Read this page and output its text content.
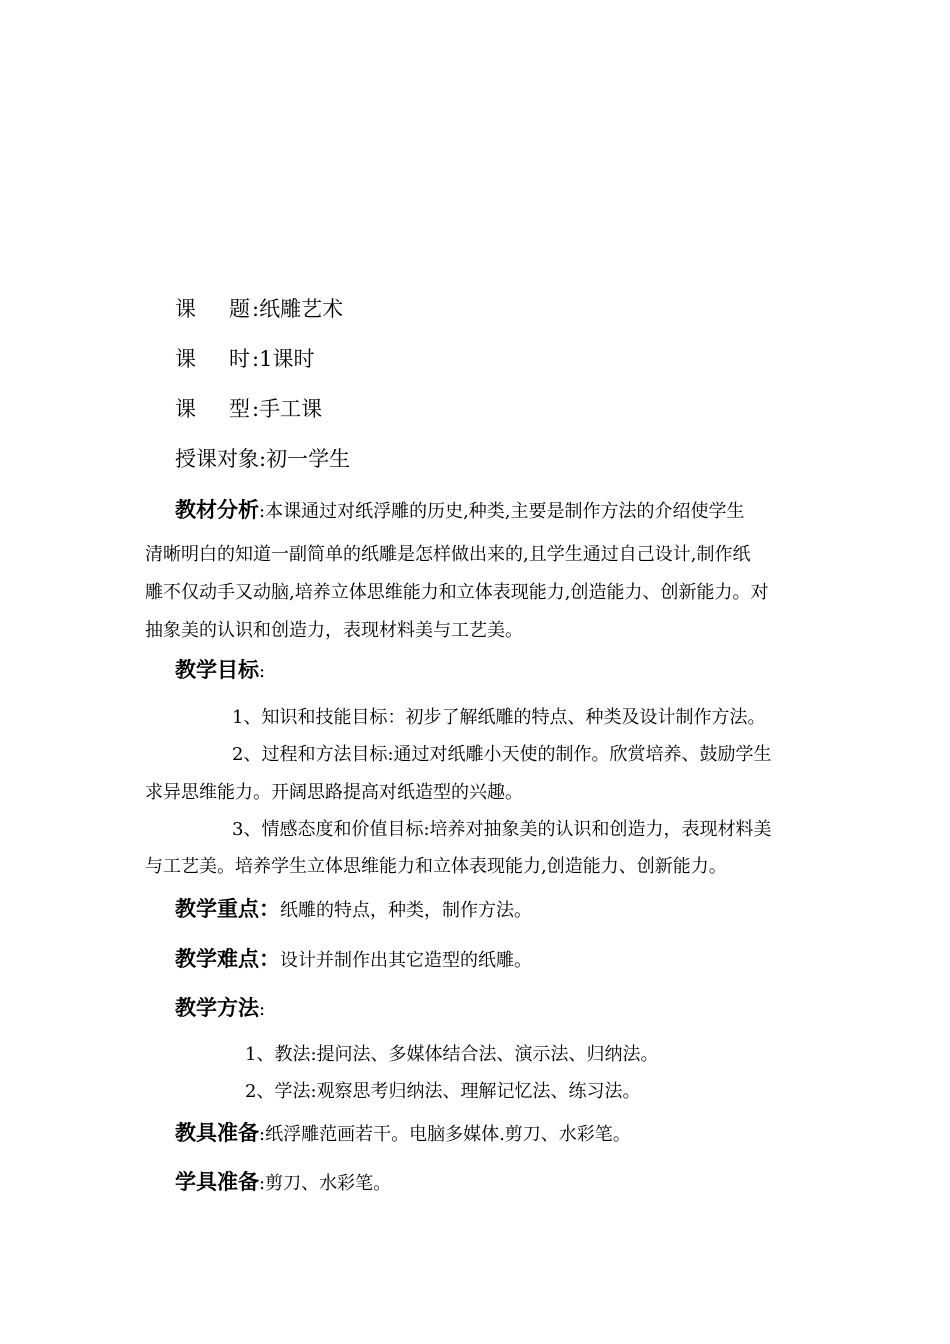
课 题 :纸雕艺术
课 时 :1课时
课 型 :手工课
授课对象:初一学生
教材分析:本课通过对纸浮雕的历史,种类,主要是制作方法的介绍使学生
清晰明白的知道一副简单的纸雕是怎样做出来的,且学生通过自己设计,制作纸
雕不仅动手又动脑,培养立体思维能力和立体表现能力,创造能力、创新能力。对
抽象美的认识和创造力，表现材料美与工艺美。
教学目标:
1、知识和技能目标：初步了解纸雕的特点、种类及设计制作方法。
2、过程和方法目标:通过对纸雕小天使的制作。欣赏培养、鼓励学生
求异思维能力。开阔思路提高对纸造型的兴趣。
3、情感态度和价值目标:培养对抽象美的认识和创造力，表现材料美
与工艺美。培养学生立体思维能力和立体表现能力,创造能力、创新能力。
教学重点：纸雕的特点，种类，制作方法。
教学难点：设计并制作出其它造型的纸雕。
教学方法:
1、教法:提问法、多媒体结合法、演示法、归纳法。
2、学法:观察思考归纳法、理解记忆法、练习法。
教具准备:纸浮雕范画若干。电脑多媒体.剪刀、水彩笔。
学具准备:剪刀、水彩笔。
